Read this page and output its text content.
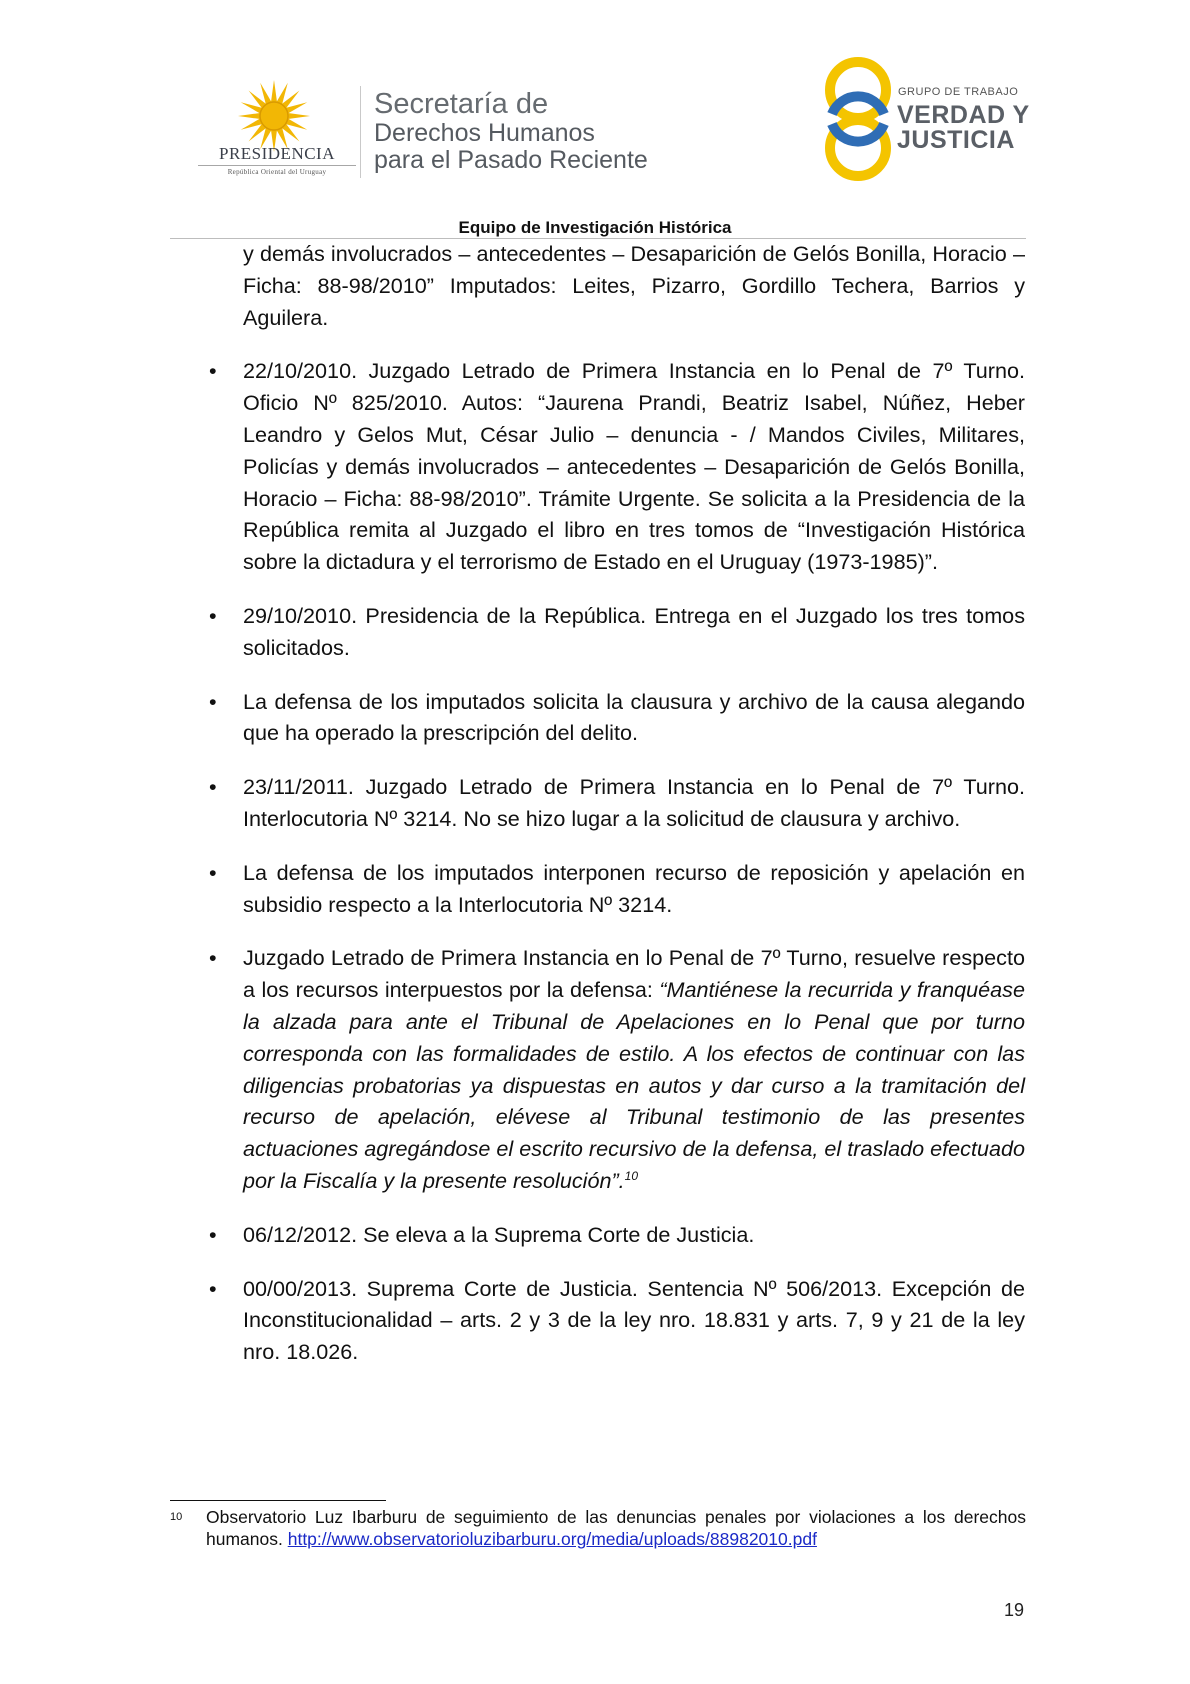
PRESIDENCIA
República Oriental del Uruguay
Secretaría de
Derechos Humanos
para el Pasado Reciente
GRUPO DE TRABAJO
VERDAD Y
JUSTICIA
Equipo de Investigación Histórica
y demás involucrados – antecedentes – Desaparición de Gelós Bonilla, Horacio – Ficha: 88-98/2010” Imputados: Leites, Pizarro, Gordillo Techera, Barrios y Aguilera.
• 22/10/2010. Juzgado Letrado de Primera Instancia en lo Penal de 7º Turno. Oficio Nº 825/2010. Autos: “Jaurena Prandi, Beatriz Isabel, Núñez, Heber Leandro y Gelos Mut, César Julio – denuncia - / Mandos Civiles, Militares, Policías y demás involucrados – antecedentes – Desaparición de Gelós Bonilla, Horacio – Ficha: 88-98/2010”. Trámite Urgente. Se solicita a la Presidencia de la República remita al Juzgado el libro en tres tomos de “Investigación Histórica sobre la dictadura y el terrorismo de Estado en el Uruguay (1973-1985)”.
• 29/10/2010. Presidencia de la República. Entrega en el Juzgado los tres tomos solicitados.
• La defensa de los imputados solicita la clausura y archivo de la causa alegando que ha operado la prescripción del delito.
• 23/11/2011. Juzgado Letrado de Primera Instancia en lo Penal de 7º Turno. Interlocutoria Nº 3214. No se hizo lugar a la solicitud de clausura y archivo.
• La defensa de los imputados interponen recurso de reposición y apelación en subsidio respecto a la Interlocutoria Nº 3214.
• Juzgado Letrado de Primera Instancia en lo Penal de 7º Turno, resuelve respecto a los recursos interpuestos por la defensa: “Mantiénese la recurrida y franquéase la alzada para ante el Tribunal de Apelaciones en lo Penal que por turno corresponda con las formalidades de estilo. A los efectos de continuar con las diligencias probatorias ya dispuestas en autos y dar curso a la tramitación del recurso de apelación, elévese al Tribunal testimonio de las presentes actuaciones agregándose el escrito recursivo de la defensa, el traslado efectuado por la Fiscalía y la presente resolución”.$^{10}$
• 06/12/2012. Se eleva a la Suprema Corte de Justicia.
• 00/00/2013. Suprema Corte de Justicia. Sentencia Nº 506/2013. Excepción de Inconstitucionalidad – arts. 2 y 3 de la ley nro. 18.831 y arts. 7, 9 y 21 de la ley nro. 18.026.
10	Observatorio Luz Ibarburu de seguimiento de las denuncias penales por violaciones a los derechos humanos. http://www.observatorioluzibarburu.org/media/uploads/88982010.pdf
19
